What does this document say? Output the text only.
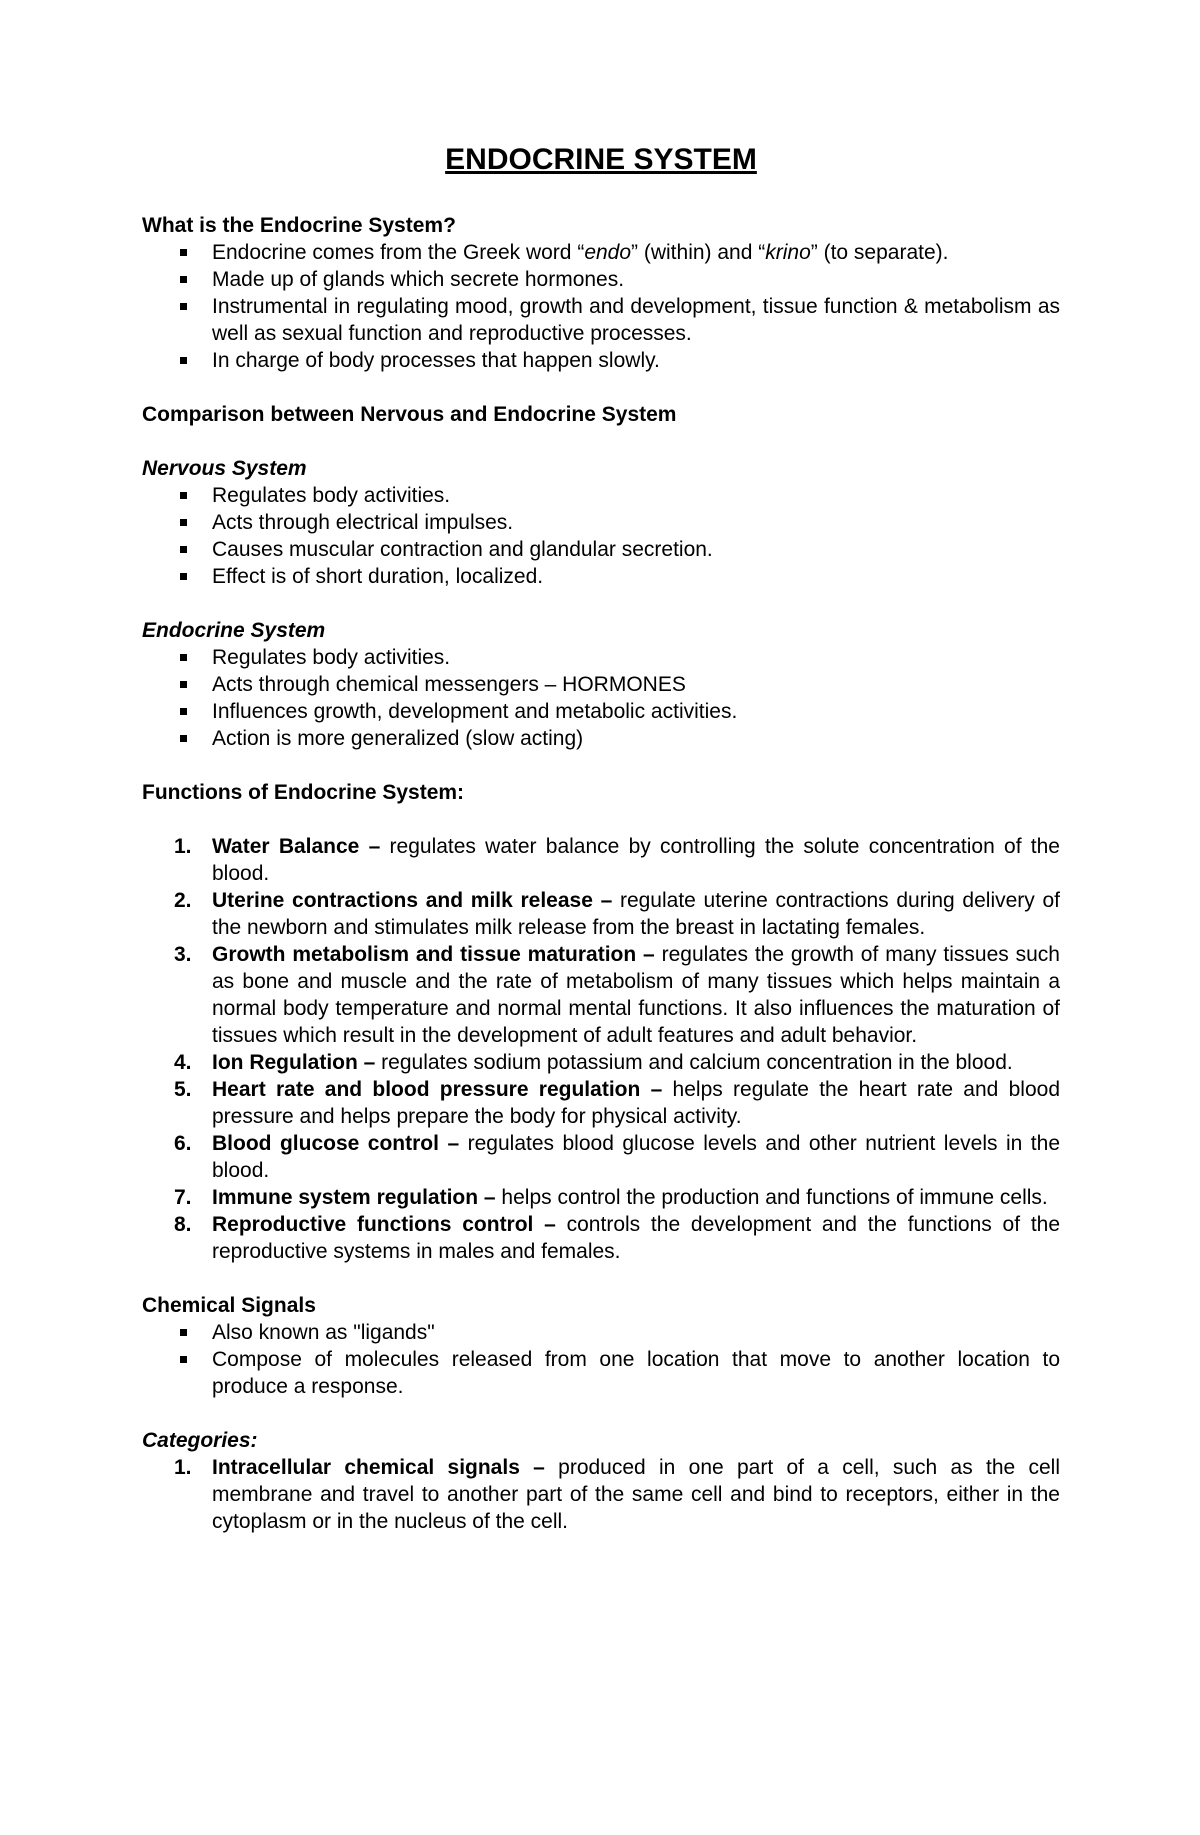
ENDOCRINE SYSTEM

What is the Endocrine System?

Endocrine comes from the Greek word “endo” (within) and “krino” (to separate).
Made up of glands which secrete hormones.
Instrumental in regulating mood, growth and development, tissue function & metabolism as well as sexual function and reproductive processes.
In charge of body processes that happen slowly.

Comparison between Nervous and Endocrine System

Nervous System

Regulates body activities.
Acts through electrical impulses.
Causes muscular contraction and glandular secretion.
Effect is of short duration, localized.

Endocrine System

Regulates body activities.
Acts through chemical messengers – HORMONES
Influences growth, development and metabolic activities.
Action is more generalized (slow acting)

Functions of Endocrine System:

1. Water Balance – regulates water balance by controlling the solute concentration of the blood.
2. Uterine contractions and milk release – regulate uterine contractions during delivery of the newborn and stimulates milk release from the breast in lactating females.
3. Growth metabolism and tissue maturation – regulates the growth of many tissues such as bone and muscle and the rate of metabolism of many tissues which helps maintain a normal body temperature and normal mental functions. It also influences the maturation of tissues which result in the development of adult features and adult behavior.
4. Ion Regulation – regulates sodium potassium and calcium concentration in the blood.
5. Heart rate and blood pressure regulation – helps regulate the heart rate and blood pressure and helps prepare the body for physical activity.
6. Blood glucose control – regulates blood glucose levels and other nutrient levels in the blood.
7. Immune system regulation – helps control the production and functions of immune cells.
8. Reproductive functions control – controls the development and the functions of the reproductive systems in males and females.

Chemical Signals

Also known as "ligands"
Compose of molecules released from one location that move to another location to produce a response.

Categories:

1. Intracellular chemical signals – produced in one part of a cell, such as the cell membrane and travel to another part of the same cell and bind to receptors, either in the cytoplasm or in the nucleus of the cell.
